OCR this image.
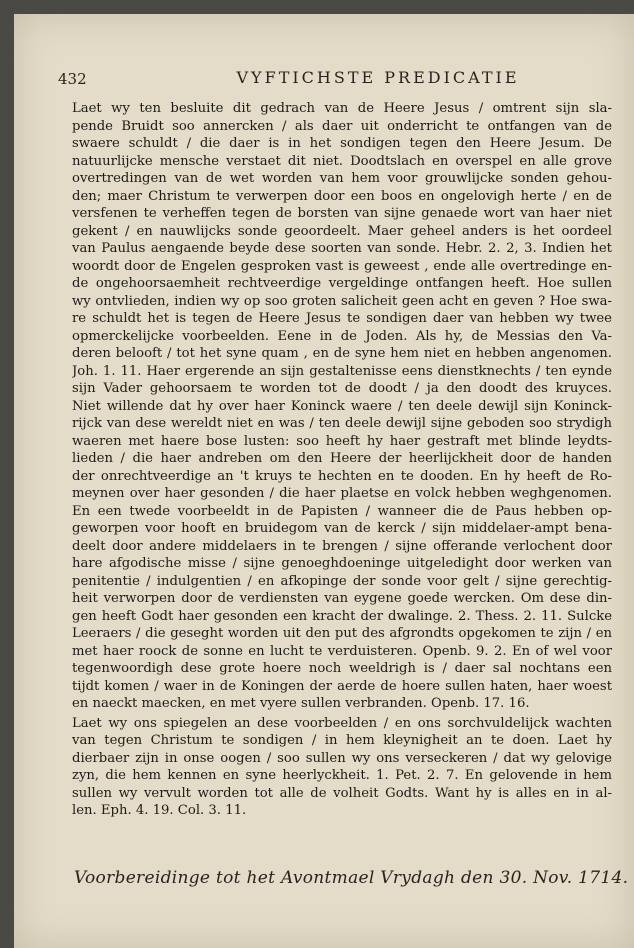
432	VYFTICHSTE PREDICATIE
Laet wy ten besluite dit gedrach van de Heere Jesus / omtrent sijn sla-
pende Bruidt soo annercken / als daer uit onderricht te ontfangen van de
swaere schuldt / die daer is in het sondigen tegen den Heere Jesum. De
natuurlijcke mensche verstaet dit niet. Doodtslach en overspel en alle grove
overtredingen van de wet worden van hem voor grouwlijcke sonden gehou-
den; maer Christum te verwerpen door een boos en ongelovigh herte / en de
versfenen te verheffen tegen de borsten van sijne genaede wort van haer niet
gekent / en nauwlijcks sonde geoordeelt. Maer geheel anders is het oordeel
van Paulus aengaende beyde dese soorten van sonde. Hebr. 2. 2, 3. Indien het
woordt door de Engelen gesproken vast is geweest , ende alle overtredinge en-
de ongehoorsaemheit rechtveerdige vergeldinge ontfangen heeft. Hoe sullen
wy ontvlieden, indien wy op soo groten salicheit geen acht en geven ? Hoe swa-
re schuldt het is tegen de Heere Jesus te sondigen daer van hebben wy twee
opmerckelijcke voorbeelden. Eene in de Joden. Als hy, de Messias den Va-
deren belooft / tot het syne quam , en de syne hem niet en hebben angenomen.
Joh. 1. 11. Haer ergerende an sijn gestaltenisse eens dienstknechts / ten eynde
sijn Vader gehoorsaem te worden tot de doodt / ja den doodt des kruyces.
Niet willende dat hy over haer Koninck waere / ten deele dewijl sijn Koninck-
rijck van dese wereldt niet en was / ten deele dewijl sijne geboden soo strydigh
waeren met haere bose lusten: soo heeft hy haer gestraft met blinde leydts-
lieden / die haer andreben om den Heere der heerlijckheit door de handen
der onrechtveerdige an 't kruys te hechten en te dooden. En hy heeft de Ro-
meynen over haer gesonden / die haer plaetse en volck hebben weghgenomen.
En een twede voorbeeldt in de Papisten / wanneer die de Paus hebben op-
geworpen voor hooft en bruidegom van de kerck / sijn middelaer-ampt bena-
deelt door andere middelaers in te brengen / sijne offerande verlochent door
hare afgodische misse / sijne genoeghdoeninge uitgeledight door werken van
penitentie / indulgentien / en afkopinge der sonde voor gelt / sijne gerechtig-
heit verworpen door de verdiensten van eygene goede wercken. Om dese din-
gen heeft Godt haer gesonden een kracht der dwalinge. 2. Thess. 2. 11. Sulcke
Leeraers / die geseght worden uit den put des afgrondts opgekomen te zijn / en
met haer roock de sonne en lucht te verduisteren. Openb. 9. 2. En of wel voor
tegenwoordigh dese grote hoere noch weeldrigh is / daer sal nochtans een
tijdt komen / waer in de Koningen der aerde de hoere sullen haten, haer woest
en naeckt maecken, en met vyere sullen verbranden. Openb. 17. 16.
Laet wy ons spiegelen an dese voorbeelden / en ons sorchvuldelijck wachten
van tegen Christum te sondigen / in hem kleynigheit an te doen. Laet hy
dierbaer zijn in onse oogen / soo sullen wy ons verseckeren / dat wy gelovige
zyn, die hem kennen en syne heerlyckheit. 1. Pet. 2. 7. En gelovende in hem
sullen wy vervult worden tot alle de volheit Godts. Want hy is alles en in al-
len. Eph. 4. 19. Col. 3. 11.
Voorbereidinge tot het Avontmael Vrydagh den 30. Nov. 1714.
